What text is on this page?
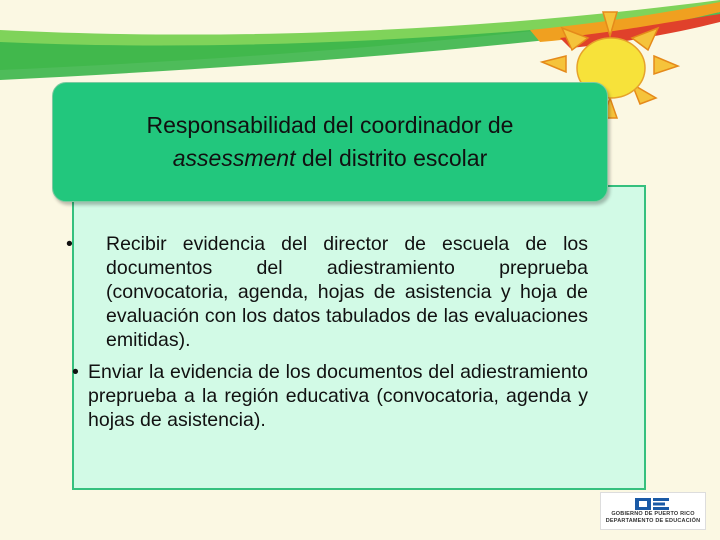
Responsabilidad del coordinador de
assessment del distrito escolar
• Recibir evidencia del director de escuela de los documentos del adiestramiento preprueba (convocatoria, agenda, hojas de asistencia y hoja de evaluación con los datos tabulados de las evaluaciones emitidas).
• Enviar la evidencia de los documentos del adiestramiento preprueba a la región educativa (convocatoria, agenda y hojas de asistencia).
GOBIERNO DE PUERTO RICO
DEPARTAMENTO DE EDUCACIÓN
